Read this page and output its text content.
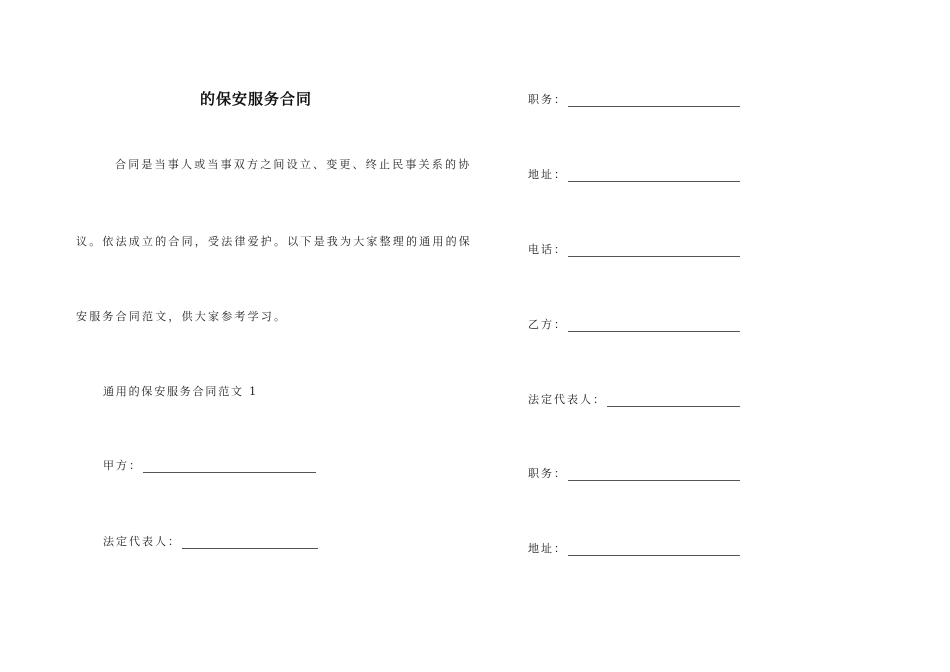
的保安服务合同
合同是当事人或当事双方之间设立、变更、终止民事关系的协
议。依法成立的合同，受法律爱护。以下是我为大家整理的通用的保
安服务合同范文，供大家参考学习。
通用的保安服务合同范文 1
甲方：
法定代表人：
职务：
地址：
电话：
乙方：
法定代表人：
职务：
地址：
